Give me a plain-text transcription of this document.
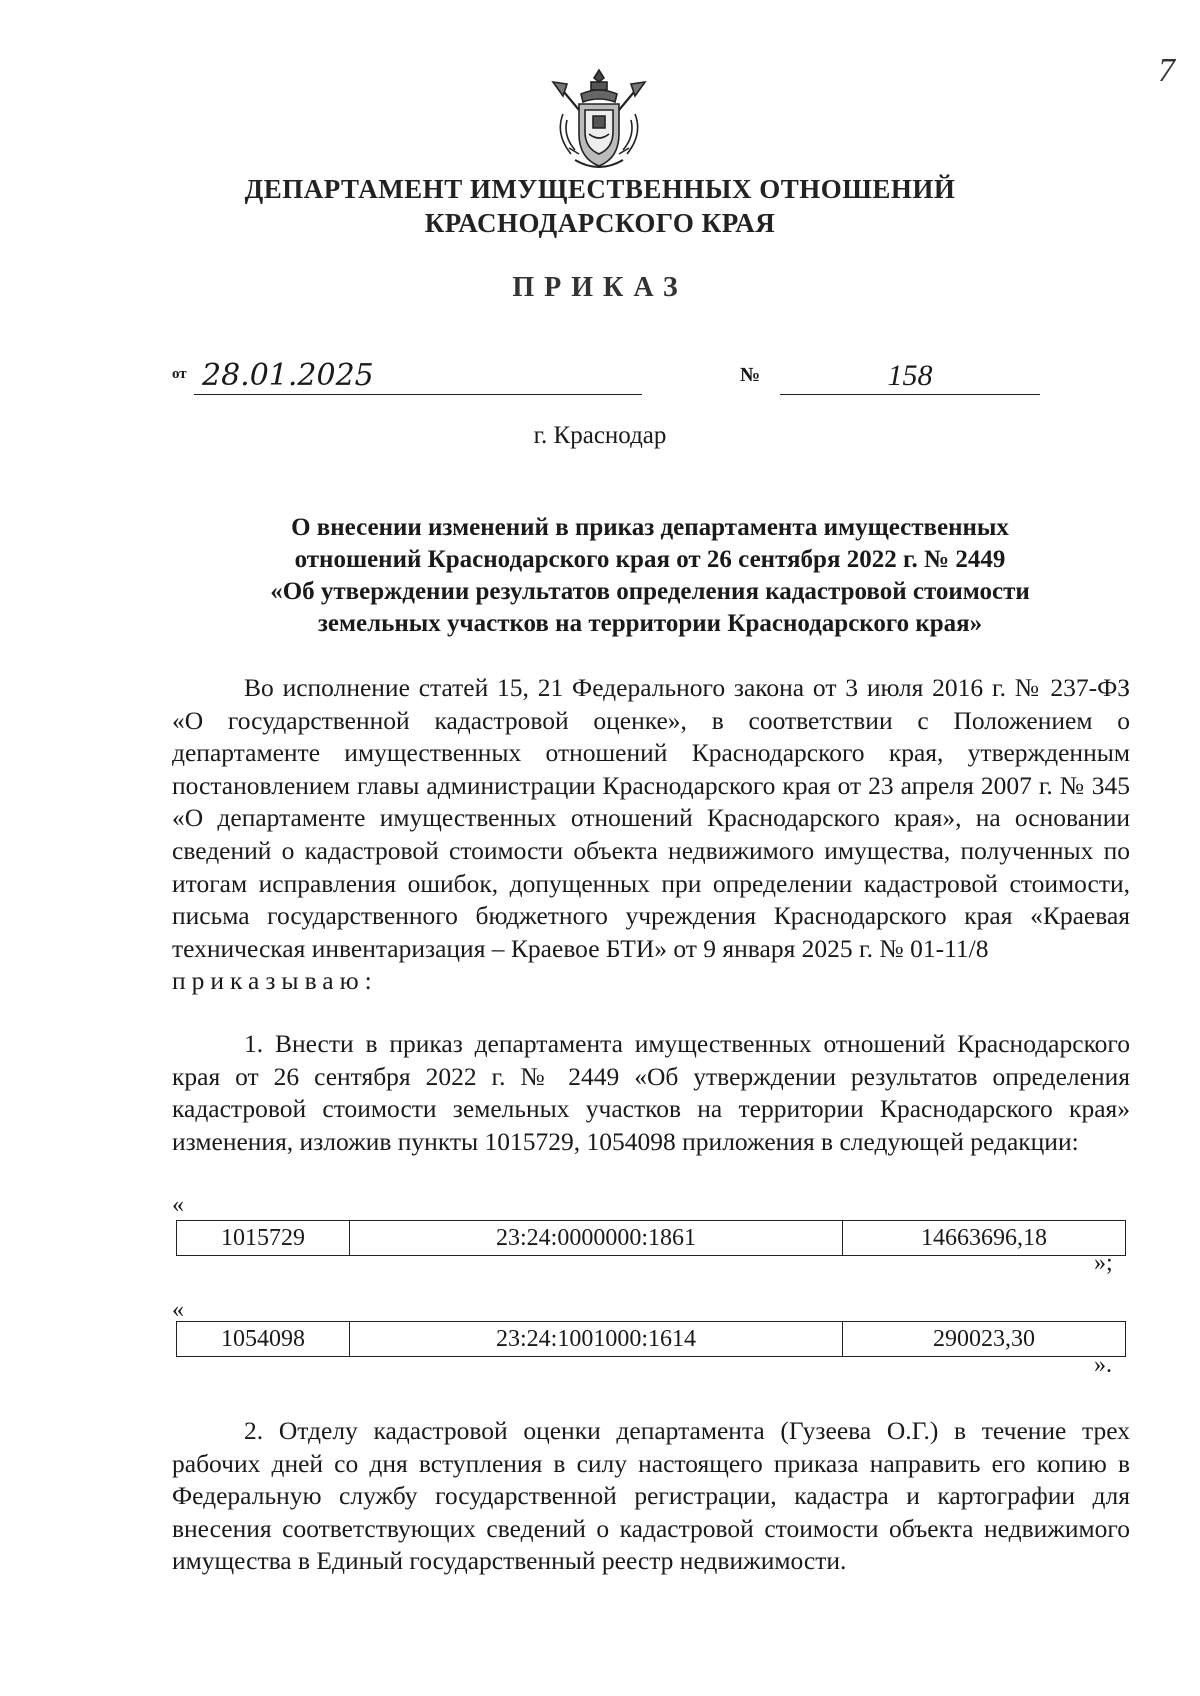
7
ДЕПАРТАМЕНТ ИМУЩЕСТВЕННЫХ ОТНОШЕНИЙ
КРАСНОДАРСКОГО КРАЯ
ПРИКАЗ
от 28.01.2025	№	158
г. Краснодар
О внесении изменений в приказ департамента имущественных
отношений Краснодарского края от 26 сентября 2022 г. № 2449
«Об утверждении результатов определения кадастровой стоимости
земельных участков на территории Краснодарского края»
Во исполнение статей 15, 21 Федерального закона от 3 июля 2016 г. № 237-ФЗ «О государственной кадастровой оценке», в соответствии с Положением о департаменте имущественных отношений Краснодарского края, утвержденным постановлением главы администрации Краснодарского края от 23 апреля 2007 г. № 345 «О департаменте имущественных отношений Краснодарского края», на основании сведений о кадастровой стоимости объекта недвижимого имущества, полученных по итогам исправления ошибок, допущенных при определении кадастровой стоимости, письма государственного бюджетного учреждения Краснодарского края «Краевая техническая инвентаризация – Краевое БТИ» от 9 января 2025 г. № 01-11/8
приказываю:
1. Внести в приказ департамента имущественных отношений Краснодарского края от 26 сентября 2022 г. № 2449 «Об утверждении результатов определения кадастровой стоимости земельных участков на территории Краснодарского края» изменения, изложив пункты 1015729, 1054098 приложения в следующей редакции:
«
1015729	23:24:0000000:1861	14663696,18
»;
«
1054098	23:24:1001000:1614	290023,30
».
2. Отделу кадастровой оценки департамента (Гузеева О.Г.) в течение трех рабочих дней со дня вступления в силу настоящего приказа направить его копию в Федеральную службу государственной регистрации, кадастра и картографии для внесения соответствующих сведений о кадастровой стоимости объекта недвижимого имущества в Единый государственный реестр недвижимости.
